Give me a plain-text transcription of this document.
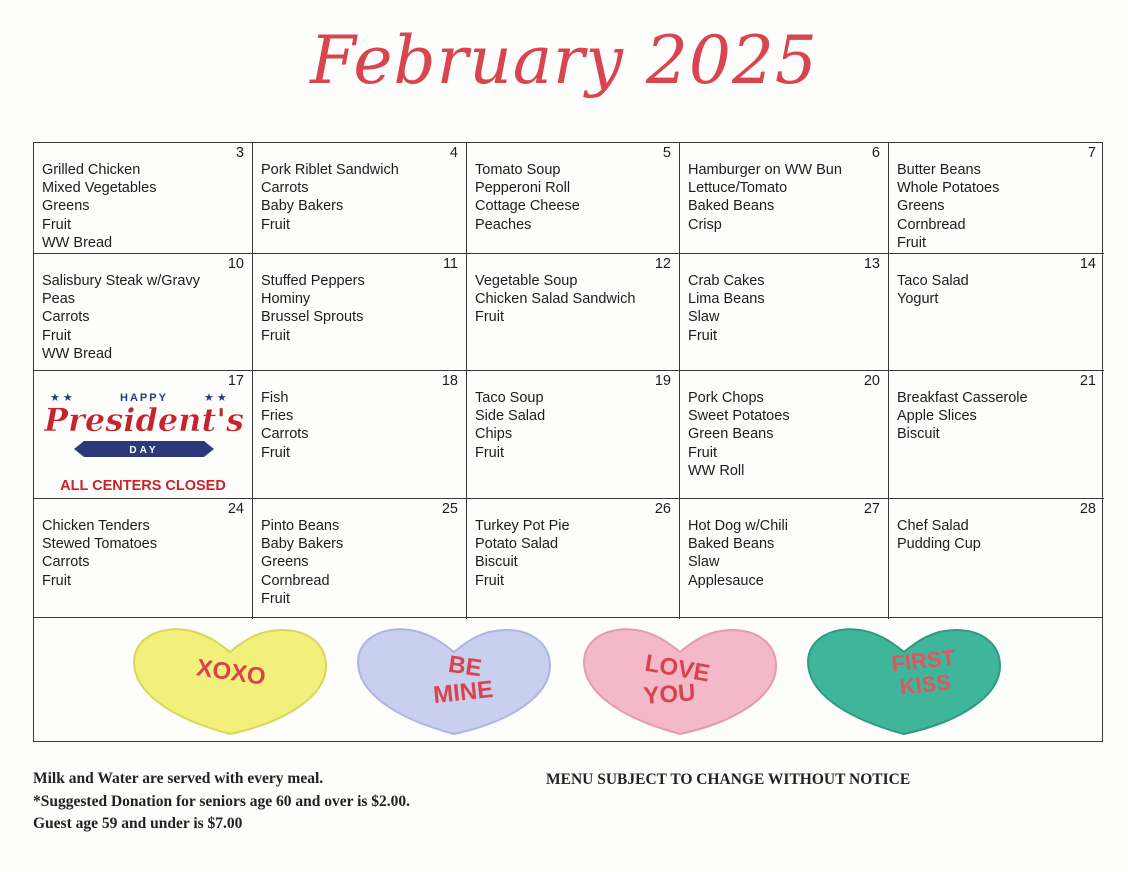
February 2025
3
Grilled Chicken
Mixed Vegetables
Greens
Fruit
WW Bread
4
Pork Riblet Sandwich
Carrots
Baby Bakers
Fruit
5
Tomato Soup
Pepperoni Roll
Cottage Cheese
Peaches
6
Hamburger on WW Bun
Lettuce/Tomato
Baked Beans
Crisp
7
Butter Beans
Whole Potatoes
Greens
Cornbread
Fruit
10
Salisbury Steak w/Gravy
Peas
Carrots
Fruit
WW Bread
11
Stuffed Peppers
Hominy
Brussel Sprouts
Fruit
12
Vegetable Soup
Chicken Salad Sandwich
Fruit
13
Crab Cakes
Lima Beans
Slaw
Fruit
14
Taco Salad
Yogurt
17
HAPPY
★ ★	★ ★
President's
DAY
ALL CENTERS CLOSED
18
Fish
Fries
Carrots
Fruit
19
Taco Soup
Side Salad
Chips
Fruit
20
Pork Chops
Sweet Potatoes
Green Beans
Fruit
WW Roll
21
Breakfast Casserole
Apple Slices
Biscuit
24
Chicken Tenders
Stewed Tomatoes
Carrots
Fruit
25
Pinto Beans
Baby Bakers
Greens
Cornbread
Fruit
26
Turkey Pot Pie
Potato Salad
Biscuit
Fruit
27
Hot Dog w/Chili
Baked Beans
Slaw
Applesauce
28
Chef Salad
Pudding Cup
XOXO	BE
MINE
LOVE
YOU
FIRST
KISS
Milk and Water are served with every meal.
*Suggested Donation for seniors age 60 and over is $2.00.
Guest age 59 and under is $7.00
MENU SUBJECT TO CHANGE WITHOUT NOTICE
